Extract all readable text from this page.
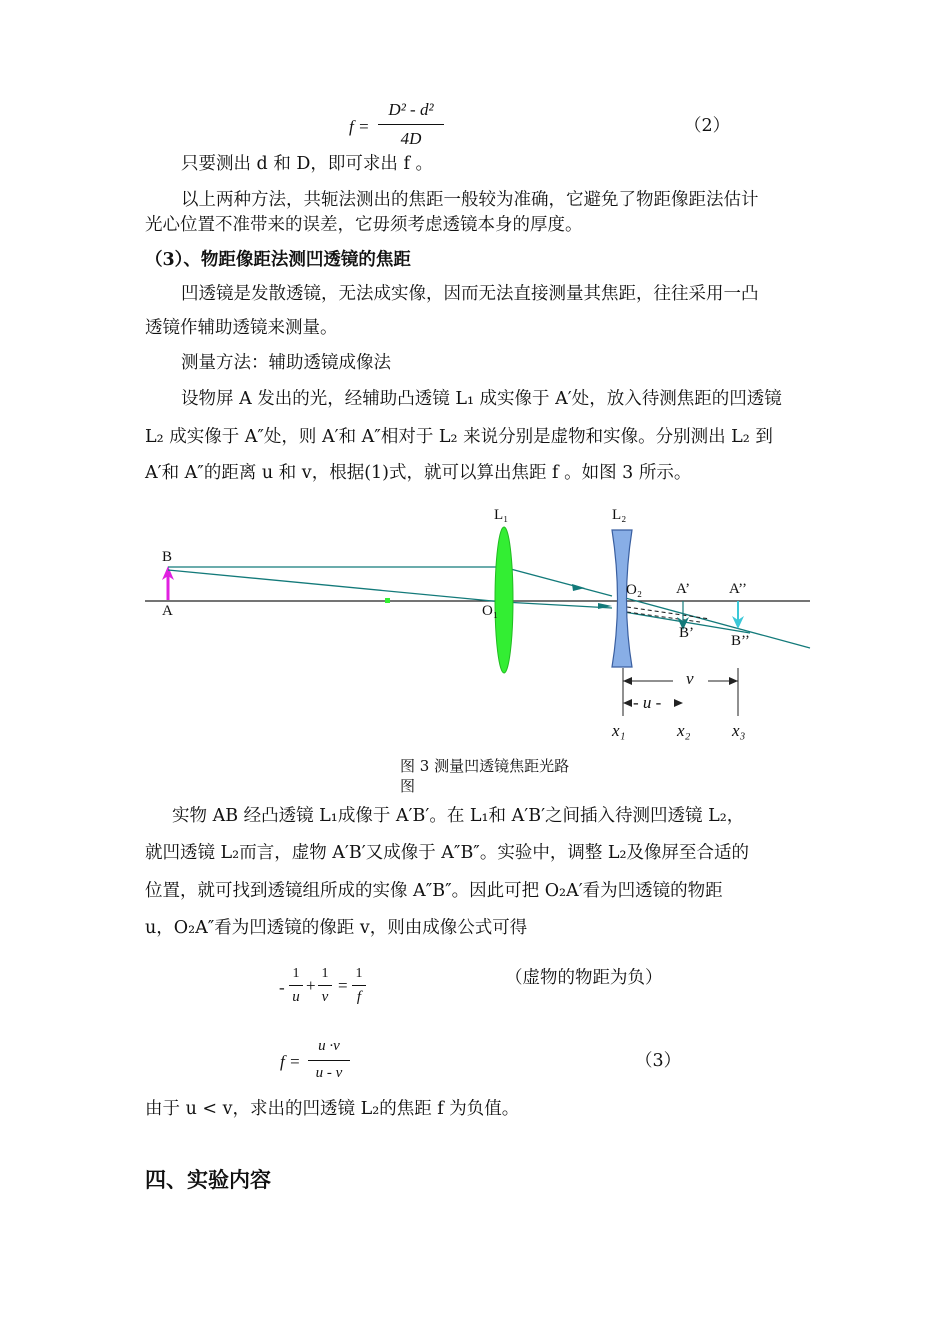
f =
D² - d²
4D
（2）
只要测出 d 和 D，即可求出 f 。
以上两种方法，共轭法测出的焦距一般较为准确，它避免了物距像距法估计
光心位置不准带来的误差，它毋须考虑透镜本身的厚度。
（3）、物距像距法测凹透镜的焦距
凹透镜是发散透镜，无法成实像，因而无法直接测量其焦距，往往采用一凸
透镜作辅助透镜来测量。
测量方法：辅助透镜成像法
设物屏 A 发出的光，经辅助凸透镜 L₁ 成实像于 A′处，放入待测焦距的凹透镜
L₂ 成实像于 A″处，则 A′和 A″相对于 L₂ 来说分别是虚物和实像。分别测出 L₂ 到
A′和 A″的距离 u 和 v，根据(1)式，就可以算出焦距 f 。如图 3 所示。
L₁	L₂
B
A	O₁
O₂ A’	A’’
B’ B’’
v
- u -
x₁	x₂ x₃
图 3 测量凹透镜焦距光路
图
实物 AB 经凸透镜 L₁成像于 A′B′。在 L₁和 A′B′之间插入待测凹透镜 L₂，
就凹透镜 L₂而言，虚物 A′B′又成像于 A″B″。实验中，调整 L₂及像屏至合适的
位置，就可找到透镜组所成的实像 A″B″。因此可把 O₂A′看为凹透镜的物距
u，O₂A″看为凹透镜的像距 v，则由成像公式可得
-
1
u
+
1
v
=
1
f
（虚物的物距为负）
f =
u ·v
u - v
（3）
由于 u < v，求出的凹透镜 L₂的焦距 f 为负值。
四、实验内容
